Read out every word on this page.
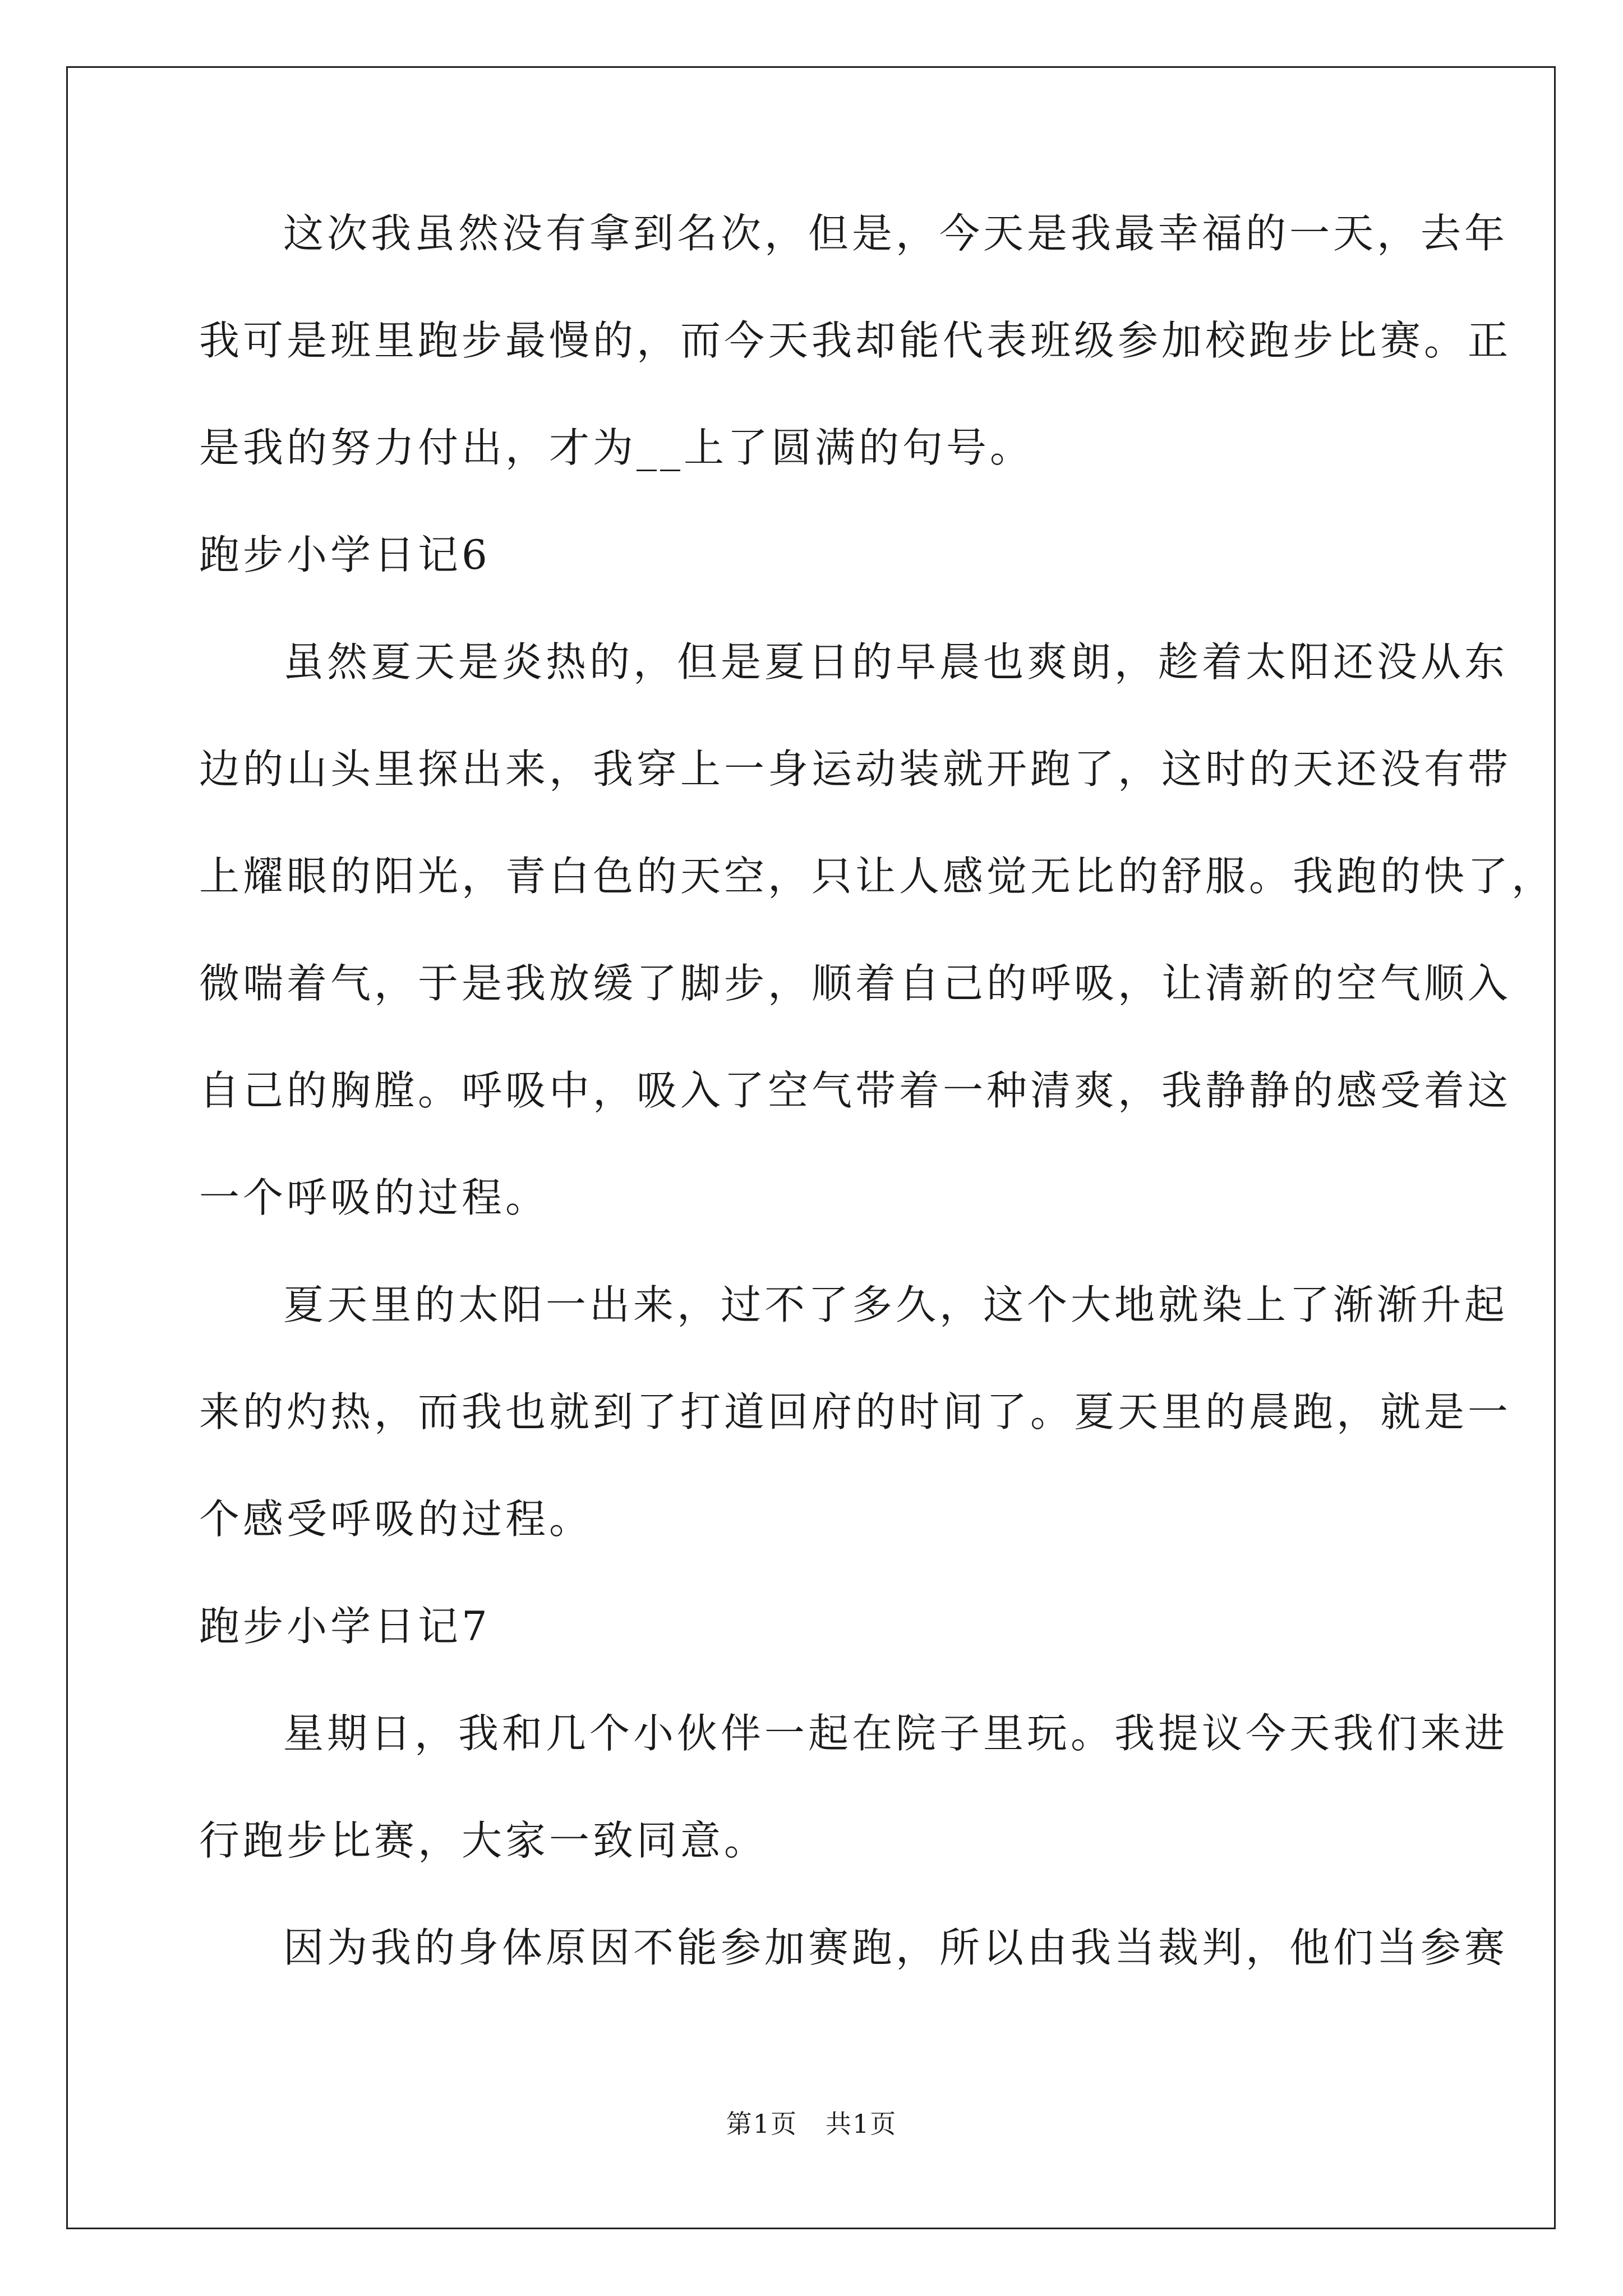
这次我虽然没有拿到名次，但是，今天是我最幸福的一天，去年
我可是班里跑步最慢的，而今天我却能代表班级参加校跑步比赛。正
是我的努力付出，才为__上了圆满的句号。
跑步小学日记6
虽然夏天是炎热的，但是夏日的早晨也爽朗，趁着太阳还没从东
边的山头里探出来，我穿上一身运动装就开跑了，这时的天还没有带
上耀眼的阳光，青白色的天空，只让人感觉无比的舒服。我跑的快了，
微喘着气，于是我放缓了脚步，顺着自己的呼吸，让清新的空气顺入
自己的胸膛。呼吸中，吸入了空气带着一种清爽，我静静的感受着这
一个呼吸的过程。
夏天里的太阳一出来，过不了多久，这个大地就染上了渐渐升起
来的灼热，而我也就到了打道回府的时间了。夏天里的晨跑，就是一
个感受呼吸的过程。
跑步小学日记7
星期日，我和几个小伙伴一起在院子里玩。我提议今天我们来进
行跑步比赛，大家一致同意。
因为我的身体原因不能参加赛跑，所以由我当裁判，他们当参赛
第1页 共1页
